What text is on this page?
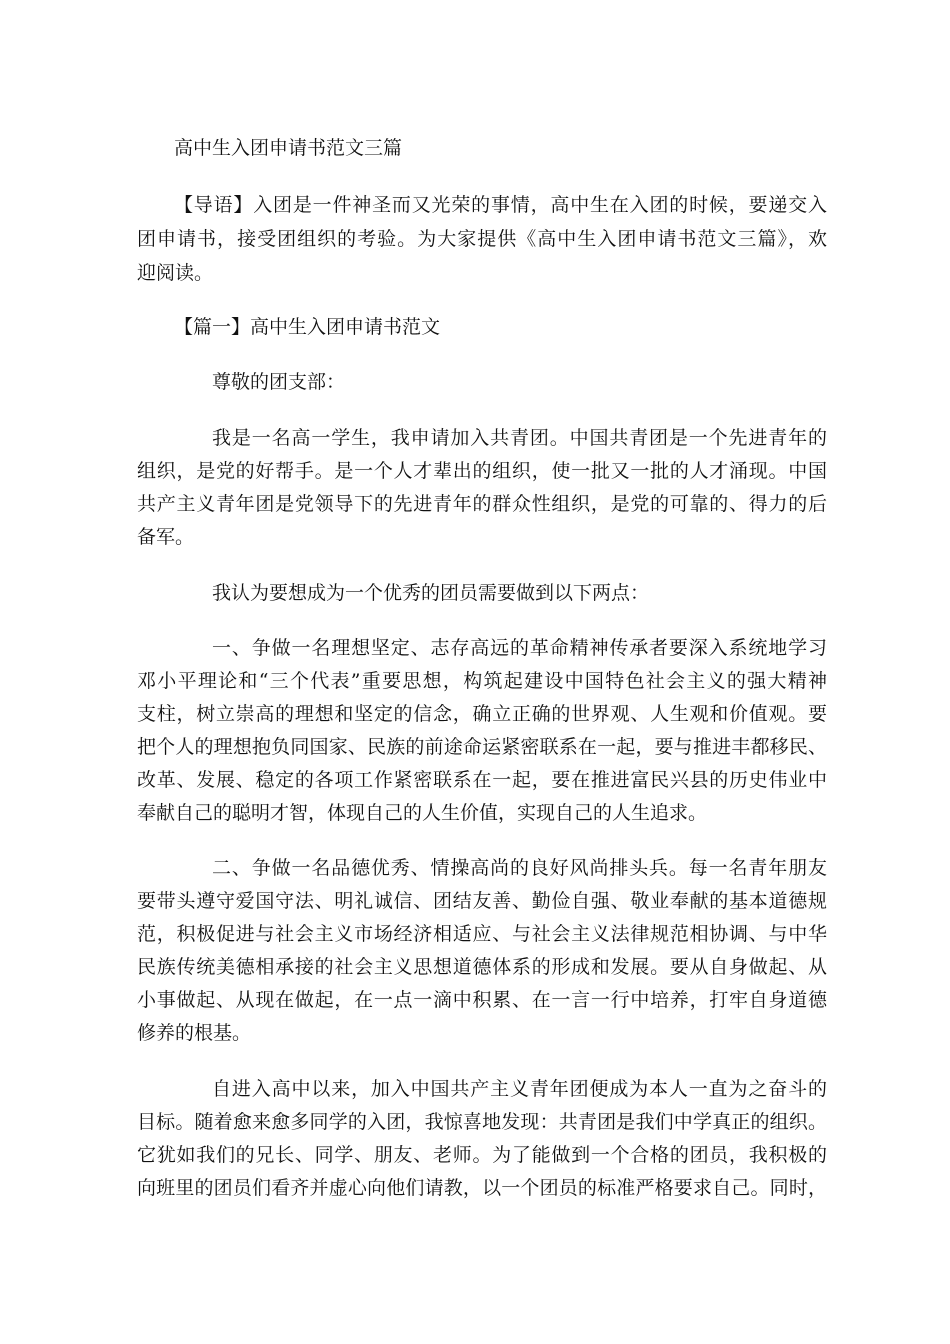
高中生入团申请书范文三篇
【导语】入团是一件神圣而又光荣的事情，高中生在入团的时候，要递交入
团申请书，接受团组织的考验。为大家提供《高中生入团申请书范文三篇》，欢
迎阅读。
【篇一】高中生入团申请书范文
尊敬的团支部：
我是一名高一学生，我申请加入共青团。中国共青团是一个先进青年的
组织，是党的好帮手。是一个人才辈出的组织，使一批又一批的人才涌现。中国
共产主义青年团是党领导下的先进青年的群众性组织，是党的可靠的、得力的后
备军。
我认为要想成为一个优秀的团员需要做到以下两点：
一、争做一名理想坚定、志存高远的革命精神传承者要深入系统地学习
邓小平理论和“三个代表”重要思想，构筑起建设中国特色社会主义的强大精神
支柱，树立崇高的理想和坚定的信念，确立正确的世界观、人生观和价值观。要
把个人的理想抱负同国家、民族的前途命运紧密联系在一起，要与推进丰都移民、
改革、发展、稳定的各项工作紧密联系在一起，要在推进富民兴县的历史伟业中
奉献自己的聪明才智，体现自己的人生价值，实现自己的人生追求。
二、争做一名品德优秀、情操高尚的良好风尚排头兵。每一名青年朋友
要带头遵守爱国守法、明礼诚信、团结友善、勤俭自强、敬业奉献的基本道德规
范，积极促进与社会主义市场经济相适应、与社会主义法律规范相协调、与中华
民族传统美德相承接的社会主义思想道德体系的形成和发展。要从自身做起、从
小事做起、从现在做起，在一点一滴中积累、在一言一行中培养，打牢自身道德
修养的根基。
自进入高中以来，加入中国共产主义青年团便成为本人一直为之奋斗的
目标。随着愈来愈多同学的入团，我惊喜地发现：共青团是我们中学真正的组织。
它犹如我们的兄长、同学、朋友、老师。为了能做到一个合格的团员，我积极的
向班里的团员们看齐并虚心向他们请教，以一个团员的标准严格要求自己。同时，
